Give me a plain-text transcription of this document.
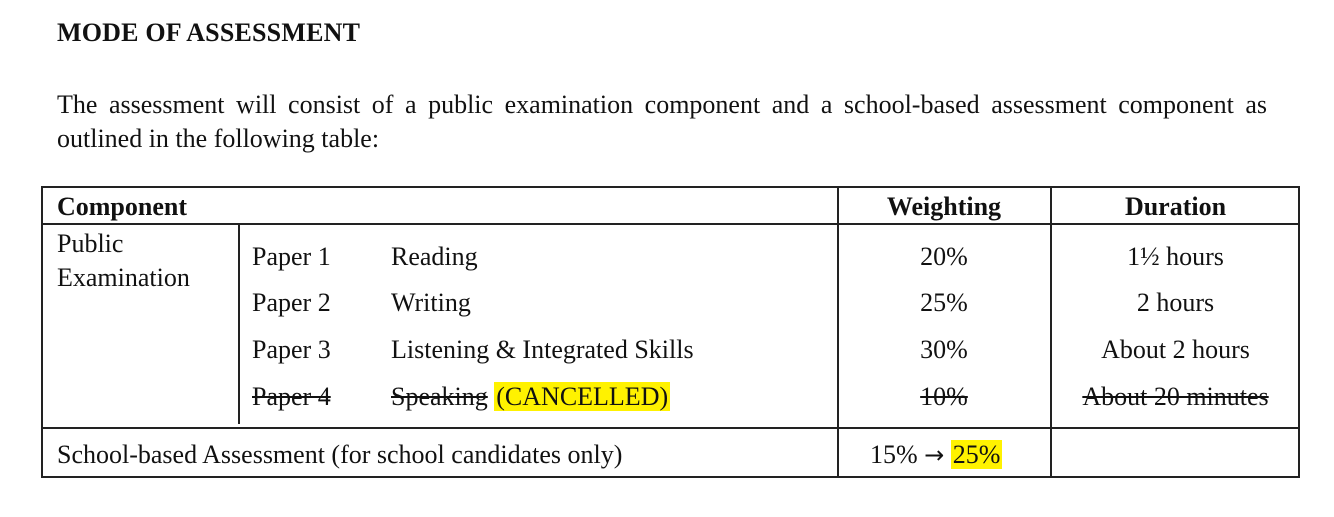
MODE OF ASSESSMENT
The assessment will consist of a public examination component and a school-based assessment component as outlined in the following table:
Component	Weighting	Duration
Public Examination
Paper 1 Reading	20%	1½ hours
Paper 2 Writing	25%	2 hours
Paper 3 Listening & Integrated Skills	30%	About 2 hours
Paper 4 Speaking (CANCELLED)	10%	About 20 minutes
School-based Assessment (for school candidates only)	15% → 25%
